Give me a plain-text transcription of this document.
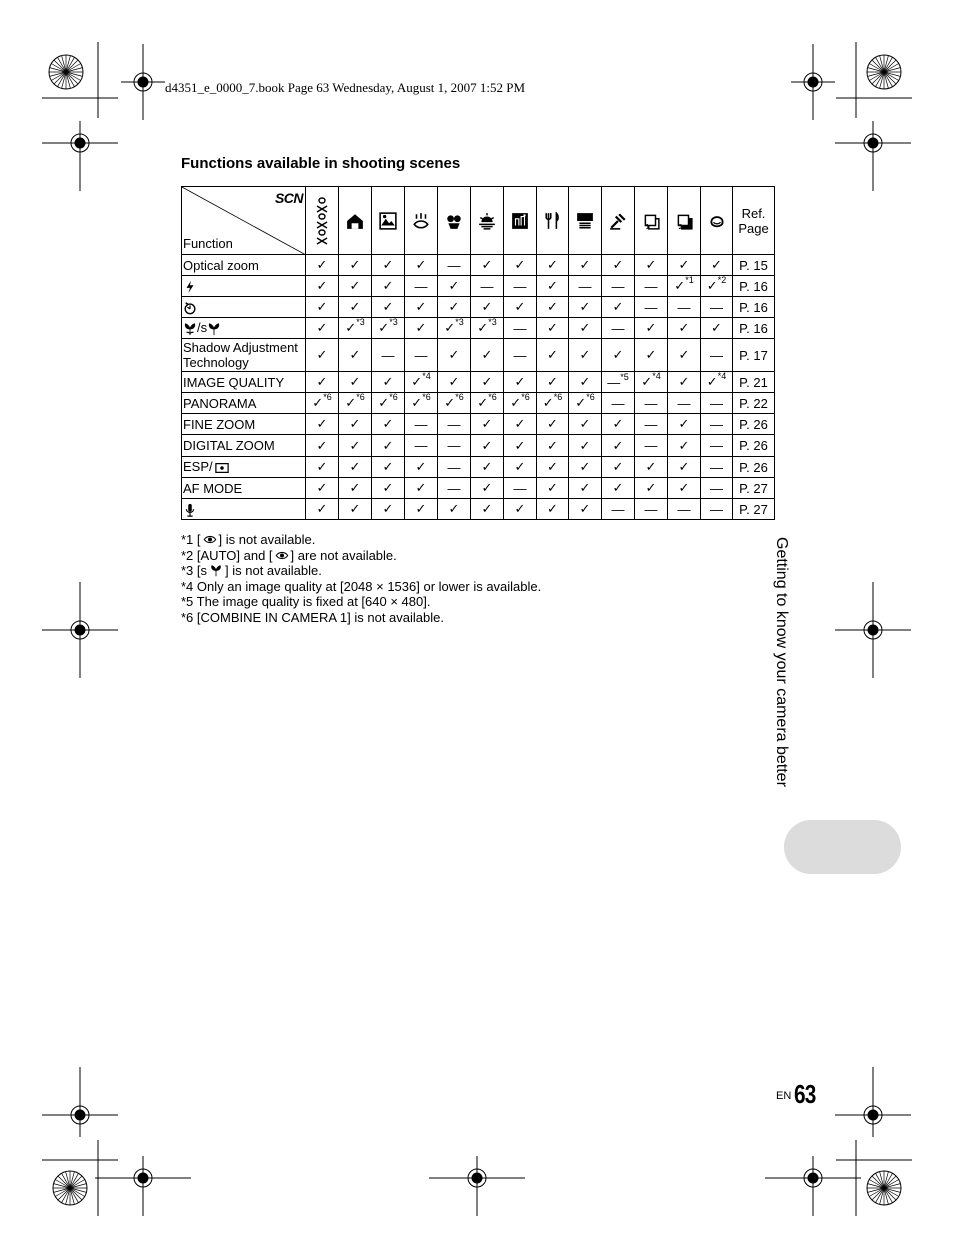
d4351_e_0000_7.book Page 63 Wednesday, August 1, 2007 1:52 PM
Functions available in shooting scenes
SCN
Function											1	2		Ref. Page
Optical zoom	✓	✓	✓	✓	—	✓	✓	✓	✓	✓	✓	✓	✓	P. 15
	✓	✓	✓	—	✓	—	—	✓	—	—	—	✓$^{*1}$	✓$^{*2}$	P. 16
	✓	✓	✓	✓	✓	✓	✓	✓	✓	✓	—	—	—	P. 16
/s	✓	✓$^{*3}$	✓$^{*3}$	✓	✓$^{*3}$	✓$^{*3}$	—	✓	✓	—	✓	✓	✓	P. 16
Shadow Adjustment Technology	✓	✓	—	—	✓	✓	—	✓	✓	✓	✓	✓	—	P. 17
IMAGE QUALITY	✓	✓	✓	✓$^{*4}$	✓	✓	✓	✓	✓	—$^{*5}$	✓$^{*4}$	✓	✓$^{*4}$	P. 21
PANORAMA	✓$^{*6}$	✓$^{*6}$	✓$^{*6}$	✓$^{*6}$	✓$^{*6}$	✓$^{*6}$	✓$^{*6}$	✓$^{*6}$	✓$^{*6}$	—	—	—	—	P. 22
FINE ZOOM	✓	✓	✓	—	—	✓	✓	✓	✓	✓	—	✓	—	P. 26
DIGITAL ZOOM	✓	✓	✓	—	—	✓	✓	✓	✓	✓	—	✓	—	P. 26
ESP/	✓	✓	✓	✓	—	✓	✓	✓	✓	✓	✓	✓	—	P. 26
AF MODE	✓	✓	✓	✓	—	✓	—	✓	✓	✓	✓	✓	—	P. 27
	✓	✓	✓	✓	✓	✓	✓	✓	✓	—	—	—	—	P. 27
*1 [ ] is not available.
*2 [AUTO] and [ ] are not available.
*3 [s ] is not available.
*4 Only an image quality at [2048 × 1536] or lower is available.
*5 The image quality is fixed at [640 × 480].
*6 [COMBINE IN CAMERA 1] is not available.	Getting to know your camera better
EN 63
